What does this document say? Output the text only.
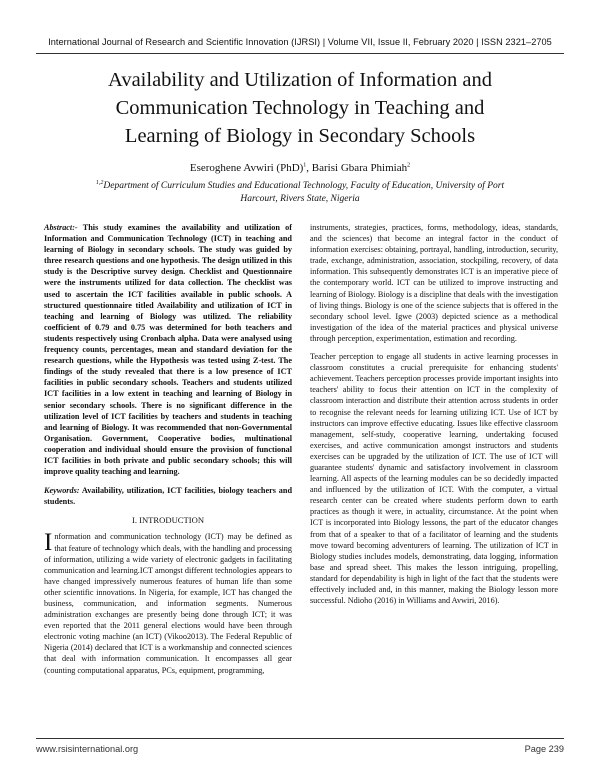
International Journal of Research and Scientific Innovation (IJRSI) | Volume VII, Issue II, February 2020 | ISSN 2321–2705
Availability and Utilization of Information and
Communication Technology in Teaching and
Learning of Biology in Secondary Schools
Eseroghene Avwiri (PhD)$^1$, Barisi Gbara Phimiah$^2$
$^{1,2}$Department of Curriculum Studies and Educational Technology, Faculty of Education, University of Port Harcourt, Rivers State, Nigeria

Abstract:- This study examines the availability and utilization of Information and Communication Technology (ICT) in teaching and learning of Biology in secondary schools. The study was guided by three research questions and one hypothesis. The design utilized in this study is the Descriptive survey design. Checklist and Questionnaire were the instruments utilized for data collection. The checklist was used to ascertain the ICT facilities available in public schools. A structured questionnaire titled Availability and utilization of ICT in teaching and learning of Biology was utilized. The reliability coefficient of 0.79 and 0.75 was determined for both teachers and students respectively using Cronbach alpha. Data were analysed using frequency counts, percentages, mean and standard deviation for the research questions, while the Hypothesis was tested using Z-test. The findings of the study revealed that there is a low presence of ICT facilities in public secondary schools. Teachers and students utilized ICT facilities in a low extent in teaching and learning of Biology in senior secondary schools. There is no significant difference in the utilization level of ICT facilities by teachers and students in teaching and learning of Biology. It was recommended that non-Governmental Organisation. Government, Cooperative bodies, multinational cooperation and individual should ensure the provision of functional ICT facilities in both private and public secondary schools; this will improve quality teaching and learning.

Keywords: Availability, utilization, ICT facilities, biology teachers and students.

I. INTRODUCTION

Information and communication technology (ICT) may be defined as that feature of technology which deals, with the handling and processing of information, utilizing a wide variety of electronic gadgets in facilitating communication and learning.ICT amongst different technologies appears to have changed impressively numerous features of human life than some other scientific innovations. In Nigeria, for example, ICT has changed the business, communication, and information segments. Numerous administration exchanges are presently being done through ICT; it was even reported that the 2011 general elections would have been through electronic voting machine (an ICT) (Vikoo2013). The Federal Republic of Nigeria (2014) declared that ICT is a workmanship and connected sciences that deal with information communication. It encompasses all gear (counting computational apparatus, PCs, equipment, programming,

instruments, strategies, practices, forms, methodology, ideas, standards, and the sciences) that become an integral factor in the conduct of information exercises: obtaining, portrayal, handling, introduction, security, trade, exchange, administration, association, stockpiling, recovery, of data information. This subsequently demonstrates ICT is an imperative piece of the contemporary world. ICT can be utilized to improve instructing and learning of Biology. Biology is a discipline that deals with the investigation of living things. Biology is one of the science subjects that is offered in the secondary school level. Igwe (2003) depicted science as a methodical investigation of the idea of the material practices and physical universe through perception, experimentation, estimation and recording.

Teacher perception to engage all students in active learning processes in classroom constitutes a crucial prerequisite for enhancing students' achievement. Teachers perception processes provide important insights into teachers' ability to focus their attention on ICT in the complexity of classroom interaction and distribute their attention across students in order to recognise the relevant needs for learning utilizing ICT. Use of ICT by instructors can improve effective educating. Issues like effective classroom management, self-study, cooperative learning, undertaking focused exercises, and active communication amongst instructors and students exercises can be upgraded by the utilization of ICT. The use of ICT will guarantee students' dynamic and satisfactory involvement in classroom learning. All aspects of the learning modules can be so decidedly impacted and influenced by the utilization of ICT. With the computer, a virtual research center can be created where students perform down to earth practices as though it were, in actuality, circumstance. At the point when ICT is incorporated into Biology lessons, the part of the educator changes from that of a speaker to that of a facilitator of learning and the students move toward becoming adventurers of learning. The utilization of ICT in Biology studies includes models, demonstrating, data logging, information base and spread sheet. This makes the lesson intriguing, propelling, standard for dependability is high in light of the fact that the students were effectively included and, in this manner, making the Biology lesson more successful. Ndioho (2016) in Williams and Avwiri, 2016).

www.rsisinternational.org	Page 239
